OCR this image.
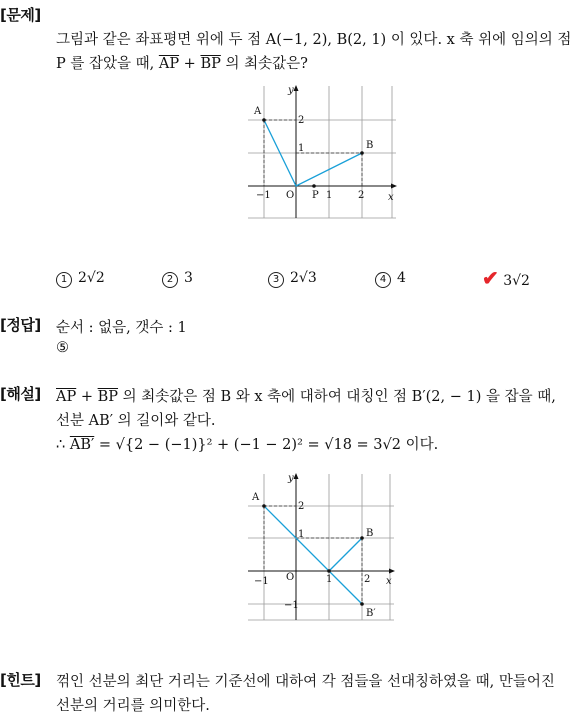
[문제]
그림과 같은 좌표평면 위에 두 점 A(−1, 2), B(2, 1) 이 있다. x 축 위에 임의의 점
P 를 잡았을 때, $\overline{AP} + \overline{BP}$ 의 최솟값은?
A
B
O P
y
x
−1	1	2
1
2
1 2√2	2 3	3 2√3	4 4	✔ 3√2
[정답] 순서 : 없음, 갯수 : 1
⑤
[해설] $\overline{AP} + \overline{BP}$ 의 최솟값은 점 B 와 x 축에 대하여 대칭인 점 B′(2, − 1) 을 잡을 때,
선분 AB′ 의 길이와 같다.
∴ AB′ = √{2 − (−1)}² + (−1 − 2)² = √18 = 3√2 이다.
A
B
B′
O
y
x
−1	1	2
1
2
−1
[힌트] 꺾인 선분의 최단 거리는 기준선에 대하여 각 점들을 선대칭하였을 때, 만들어진
선분의 거리를 의미한다.
